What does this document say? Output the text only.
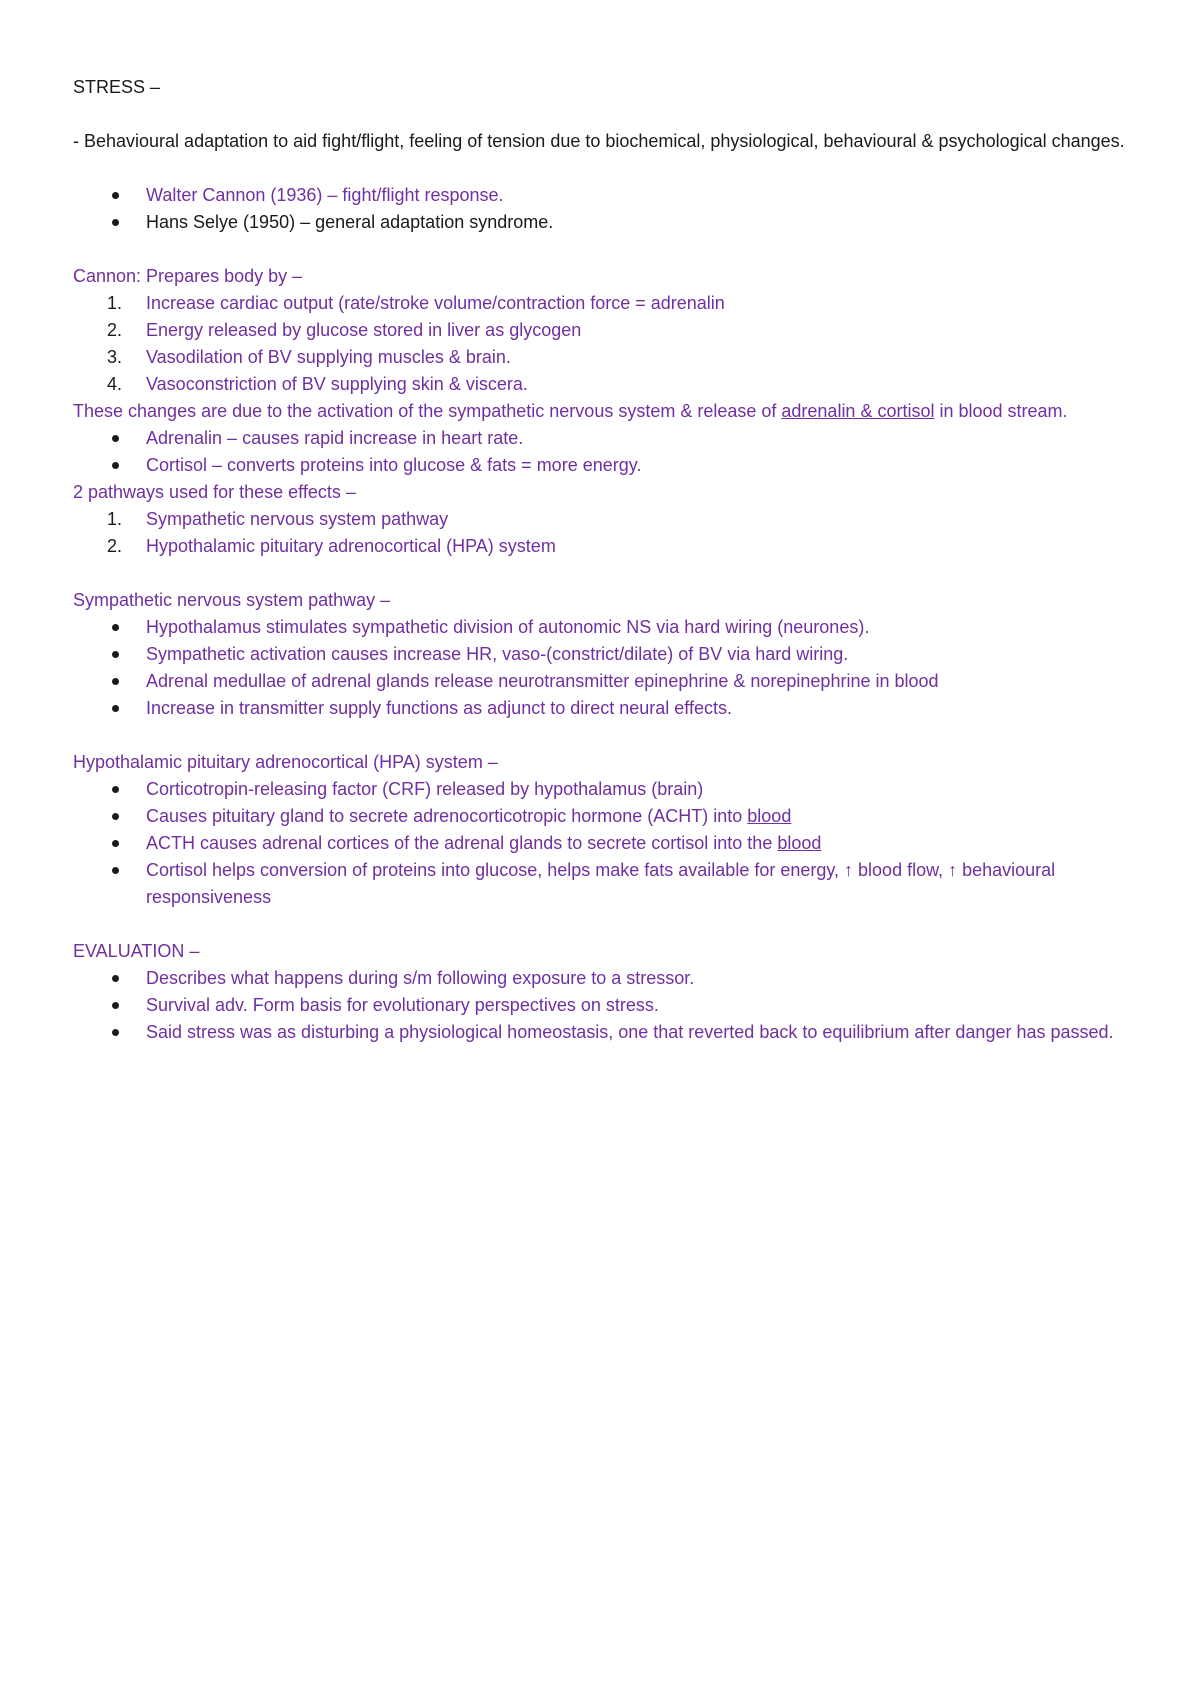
STRESS –

- Behavioural adaptation to aid fight/flight, feeling of tension due to biochemical, physiological, behavioural & psychological changes.

Walter Cannon (1936) – fight/flight response.
Hans Selye (1950) – general adaptation syndrome.

Cannon: Prepares body by –

1.	Increase cardiac output (rate/stroke volume/contraction force = adrenalin
2.	Energy released by glucose stored in liver as glycogen
3.	Vasodilation of BV supplying muscles & brain.
4.	Vasoconstriction of BV supplying skin & viscera.

These changes are due to the activation of the sympathetic nervous system & release of adrenalin & cortisol in blood stream.

Adrenalin – causes rapid increase in heart rate.
Cortisol – converts proteins into glucose & fats = more energy.

2 pathways used for these effects –

1.	Sympathetic nervous system pathway
2.	Hypothalamic pituitary adrenocortical (HPA) system

Sympathetic nervous system pathway –

Hypothalamus stimulates sympathetic division of autonomic NS via hard wiring (neurones).
Sympathetic activation causes increase HR, vaso-(constrict/dilate) of BV via hard wiring.
Adrenal medullae of adrenal glands release neurotransmitter epinephrine & norepinephrine in blood
Increase in transmitter supply functions as adjunct to direct neural effects.

Hypothalamic pituitary adrenocortical (HPA) system –

Corticotropin-releasing factor (CRF) released by hypothalamus (brain)
Causes pituitary gland to secrete adrenocorticotropic hormone (ACHT) into blood
ACTH causes adrenal cortices of the adrenal glands to secrete cortisol into the blood
Cortisol helps conversion of proteins into glucose, helps make fats available for energy, ↑ blood flow, ↑ behavioural responsiveness

EVALUATION –

Describes what happens during s/m following exposure to a stressor.
Survival adv. Form basis for evolutionary perspectives on stress.
Said stress was as disturbing a physiological homeostasis, one that reverted back to equilibrium after danger has passed.
